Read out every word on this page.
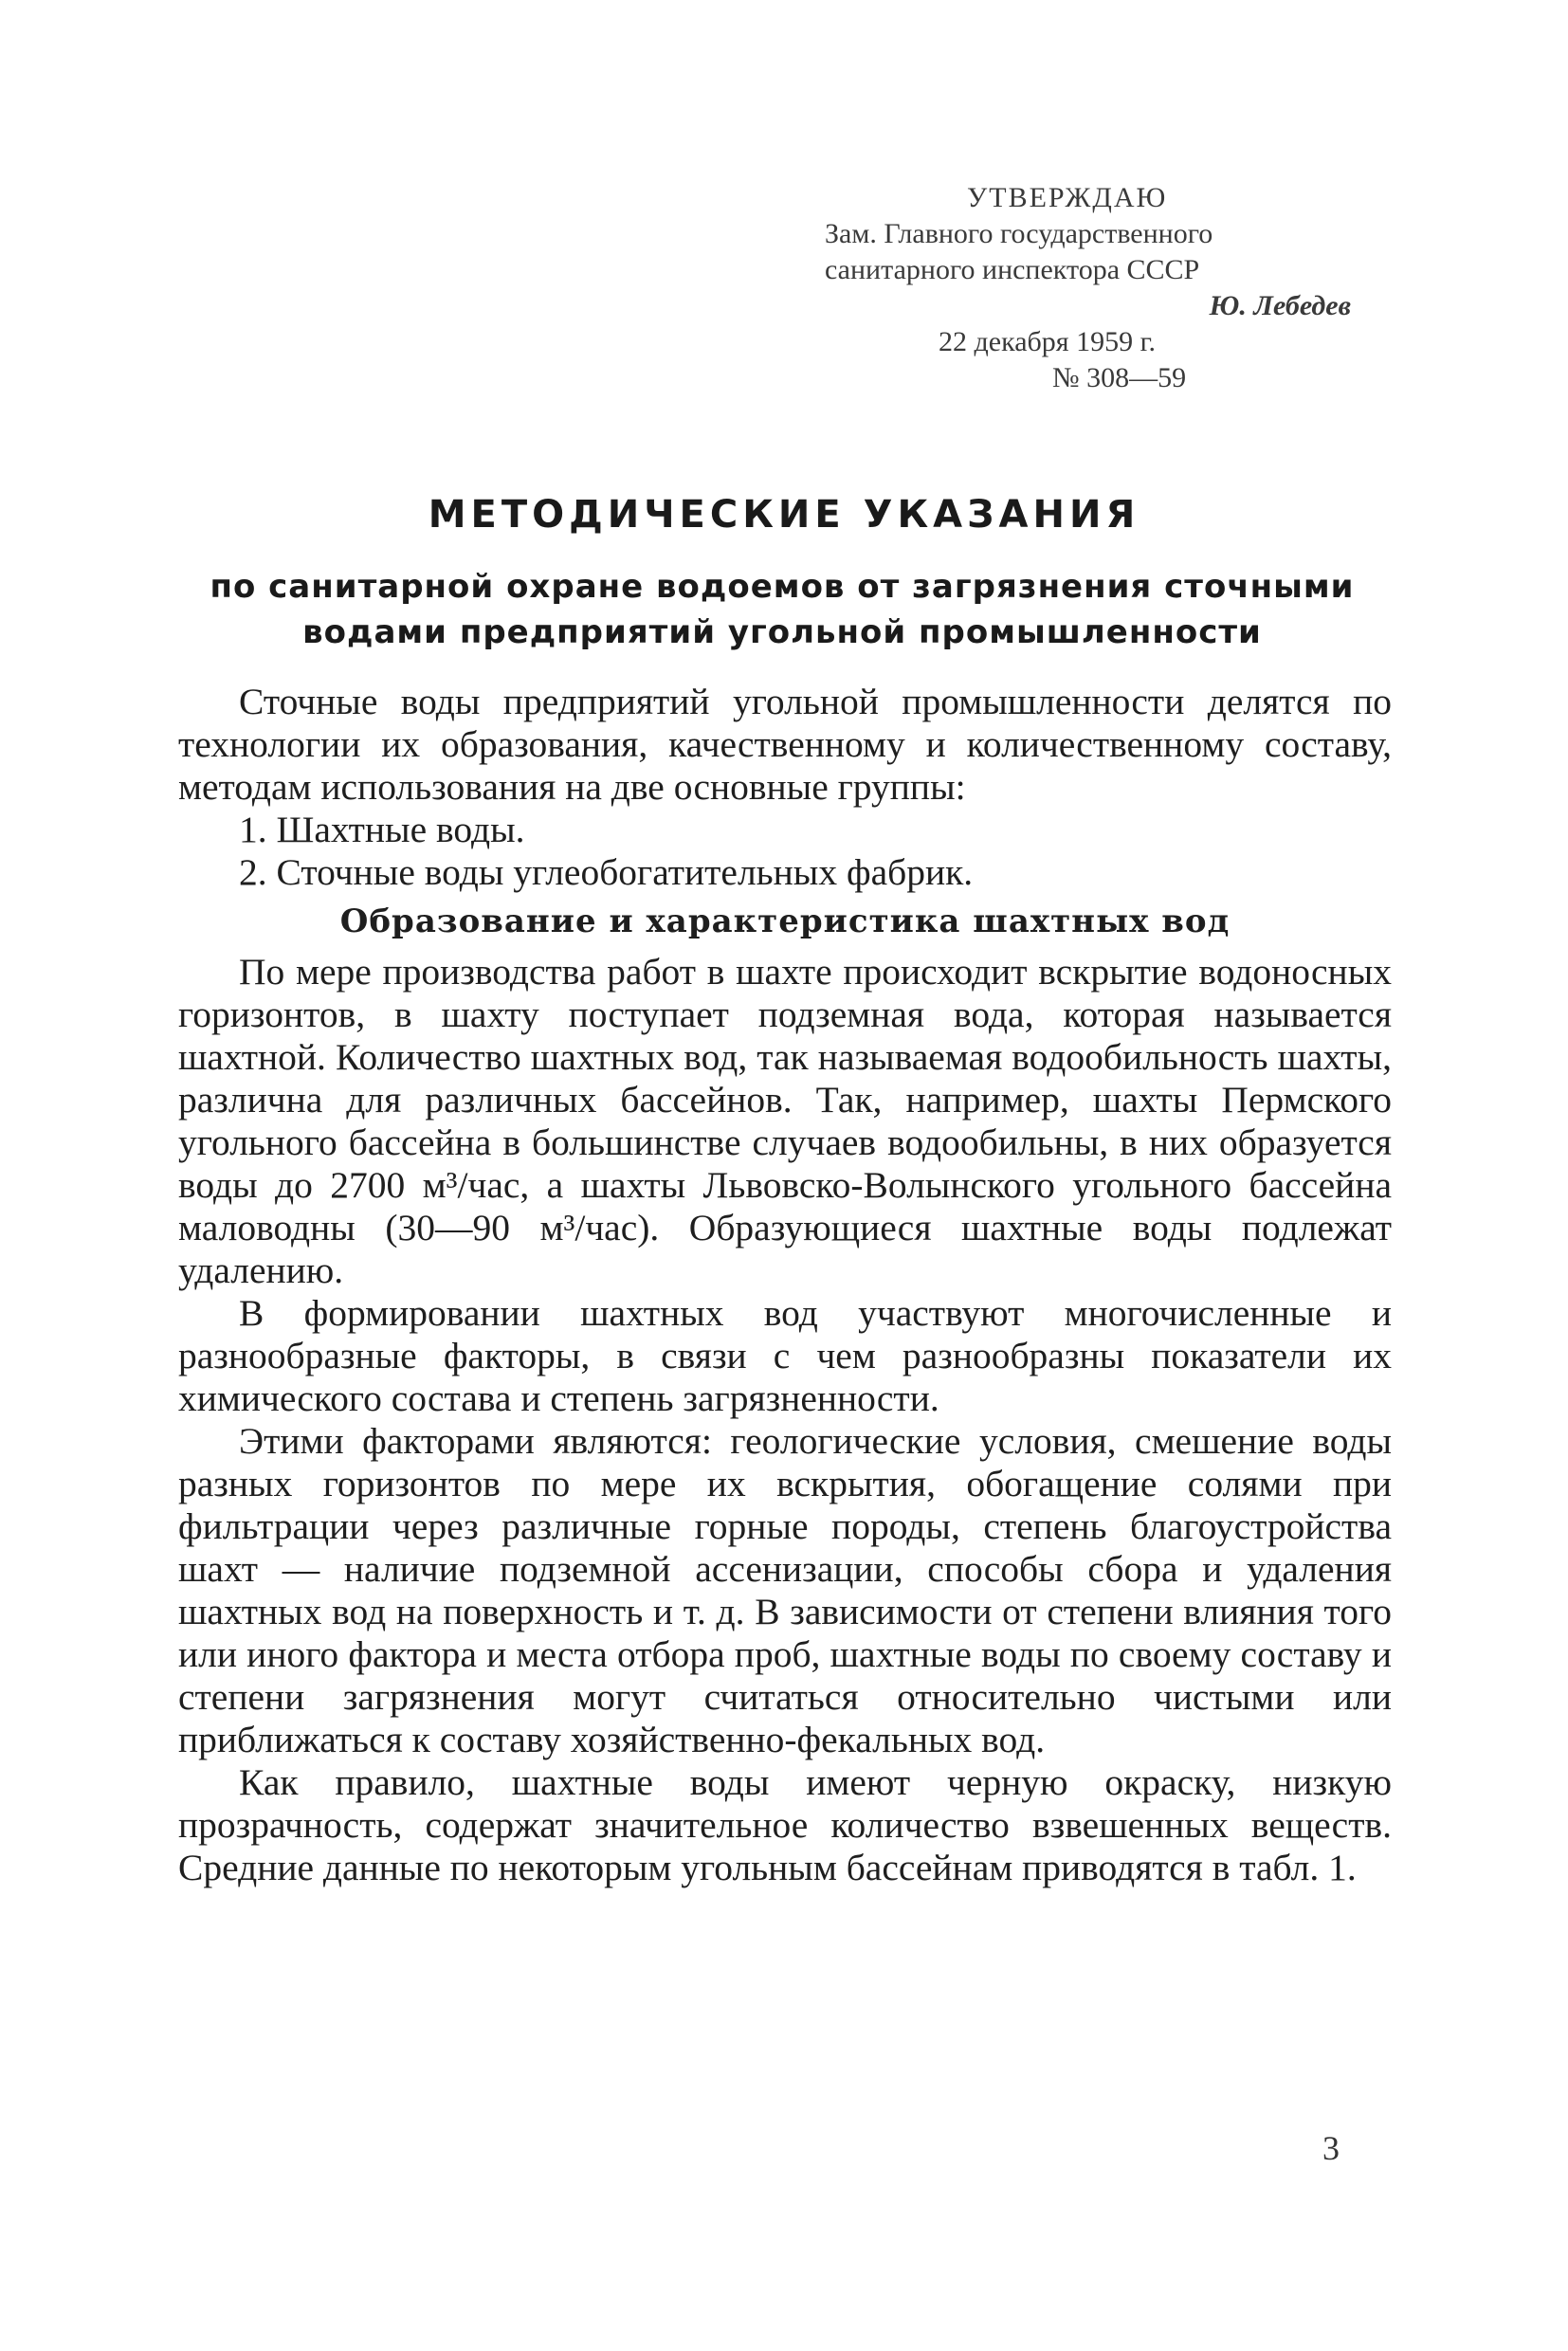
УТВЕРЖДАЮ
Зам. Главного государственного
санитарного инспектора СССР
Ю. Лебедев
22 декабря 1959 г.
№ 308—59
МЕТОДИЧЕСКИЕ УКАЗАНИЯ
по санитарной охране водоемов от загрязнения сточными водами предприятий угольной промышленности

Сточные воды предприятий угольной промышленности делятся по технологии их образования, качественному и количественному составу, методам использования на две основные группы:

1. Шахтные воды.
2. Сточные воды углеобогатительных фабрик.
Образование и характеристика шахтных вод

По мере производства работ в шахте происходит вскрытие водоносных горизонтов, в шахту поступает подземная вода, которая называется шахтной. Количество шахтных вод, так называемая водообильность шахты, различна для различных бассейнов. Так, например, шахты Пермского угольного бассейна в большинстве случаев водообильны, в них образуется воды до 2700 м³/час, а шахты Львовско-Волынского угольного бассейна маловодны (30—90 м³/час). Образующиеся шахтные воды подлежат удалению.

В формировании шахтных вод участвуют многочисленные и разнообразные факторы, в связи с чем разнообразны показатели их химического состава и степень загрязненности.

Этими факторами являются: геологические условия, смешение воды разных горизонтов по мере их вскрытия, обогащение солями при фильтрации через различные горные породы, степень благоустройства шахт — наличие подземной ассенизации, способы сбора и удаления шахтных вод на поверхность и т. д. В зависимости от степени влияния того или иного фактора и места отбора проб, шахтные воды по своему составу и степени загрязнения могут считаться относительно чистыми или приближаться к составу хозяйственно-фекальных вод.

Как правило, шахтные воды имеют черную окраску, низкую прозрачность, содержат значительное количество взвешенных веществ. Средние данные по некоторым угольным бассейнам приводятся в табл. 1.

3
